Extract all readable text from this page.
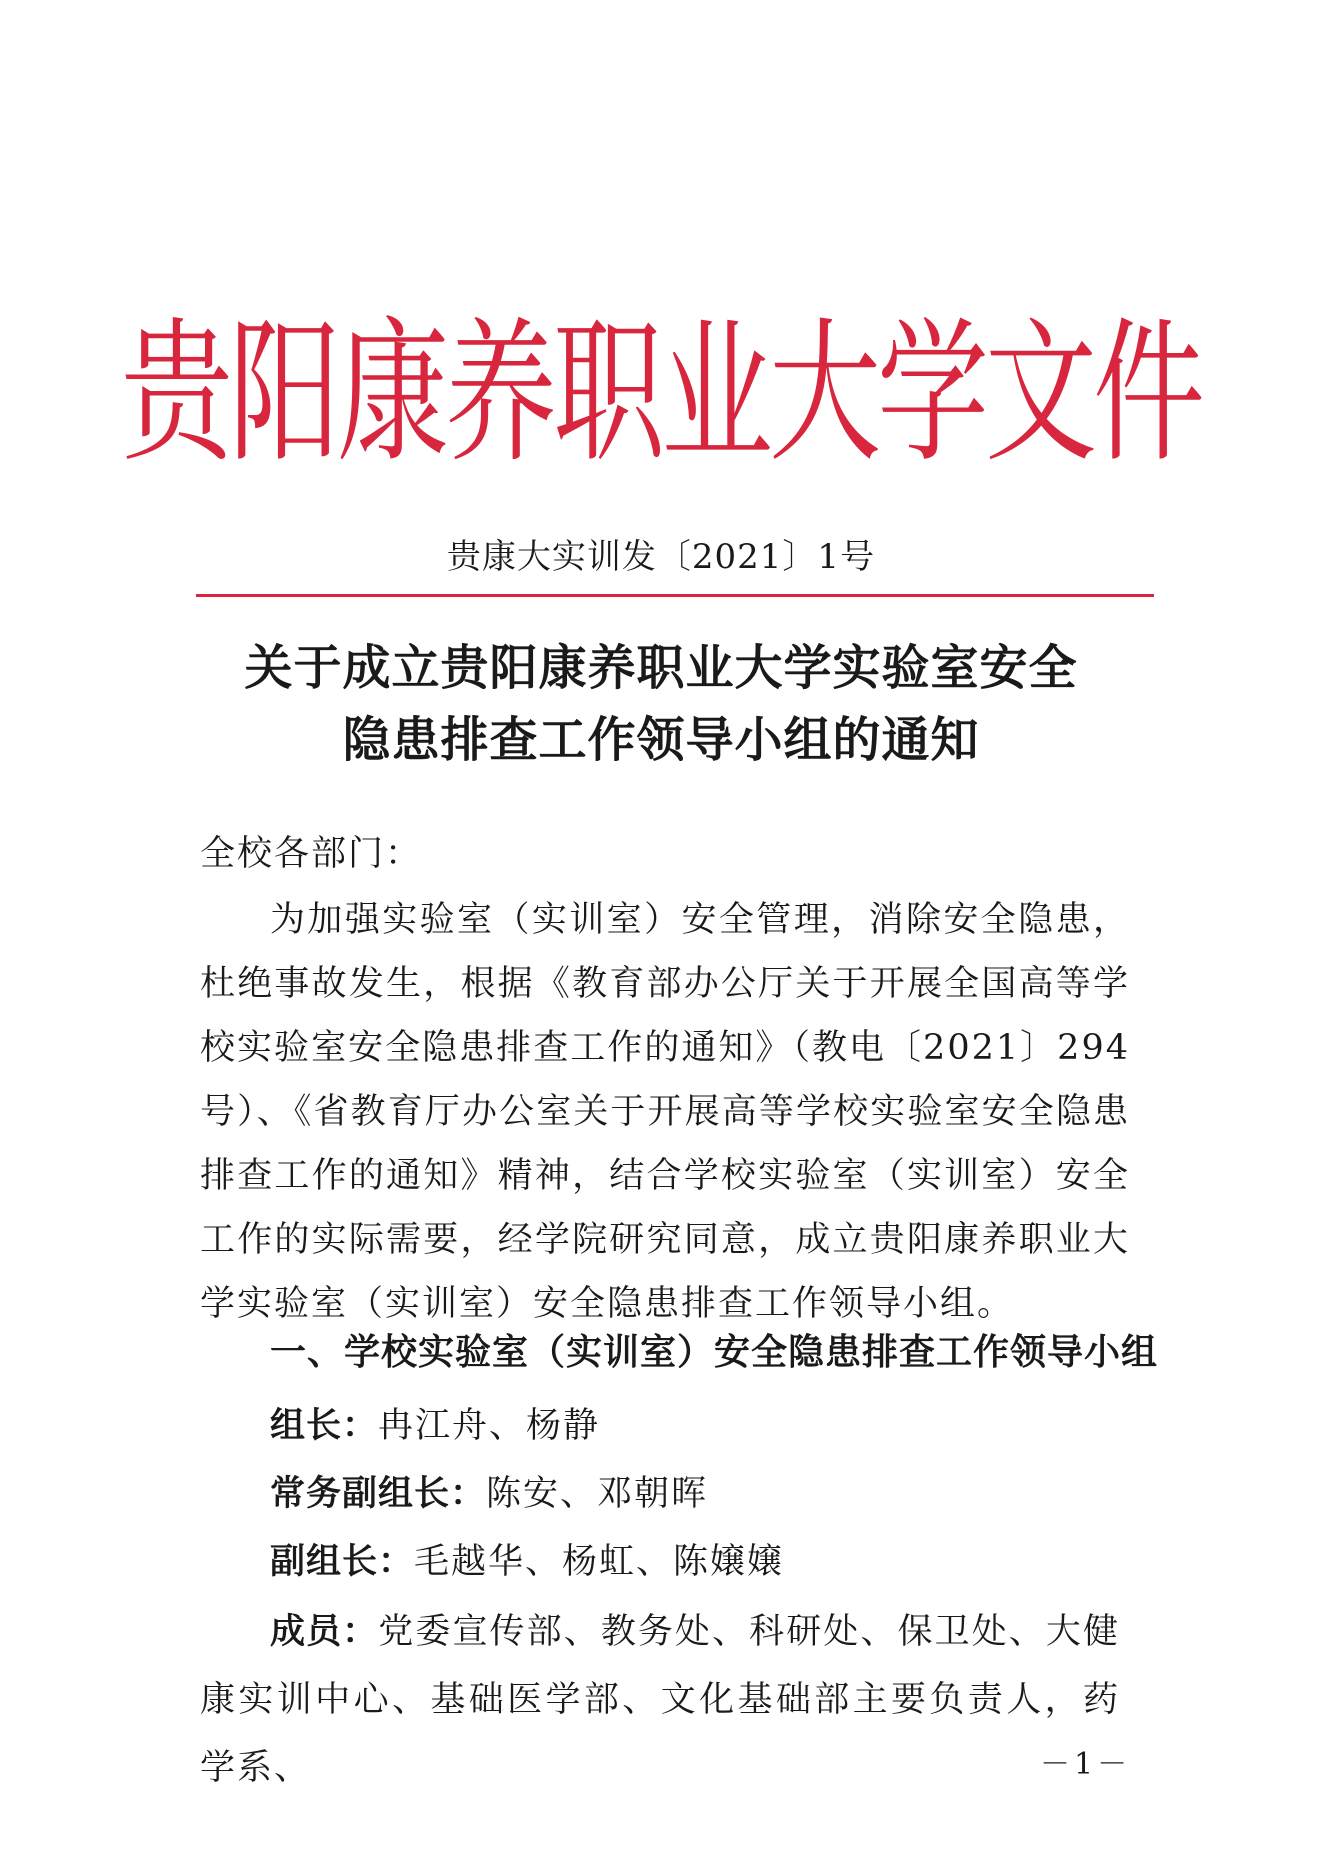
贵阳康养职业大学文件
贵康大实训发〔2021〕1号
关于成立贵阳康养职业大学实验室安全
隐患排查工作领导小组的通知
全校各部门：
为加强实验室（实训室）安全管理，消除安全隐患，杜绝事故发生，根据《教育部办公厅关于开展全国高等学校实验室安全隐患排查工作的通知》（教电〔2021〕294号）、《省教育厅办公室关于开展高等学校实验室安全隐患排查工作的通知》精神，结合学校实验室（实训室）安全工作的实际需要，经学院研究同意，成立贵阳康养职业大学实验室（实训室）安全隐患排查工作领导小组。
一、学校实验室（实训室）安全隐患排查工作领导小组
组长：冉江舟、杨静
常务副组长：陈安、邓朝晖
副组长：毛越华、杨虹、陈嬢嬢
成员：党委宣传部、教务处、科研处、保卫处、大健康实训中心、基础医学部、文化基础部主要负责人，药学系、	－1－
